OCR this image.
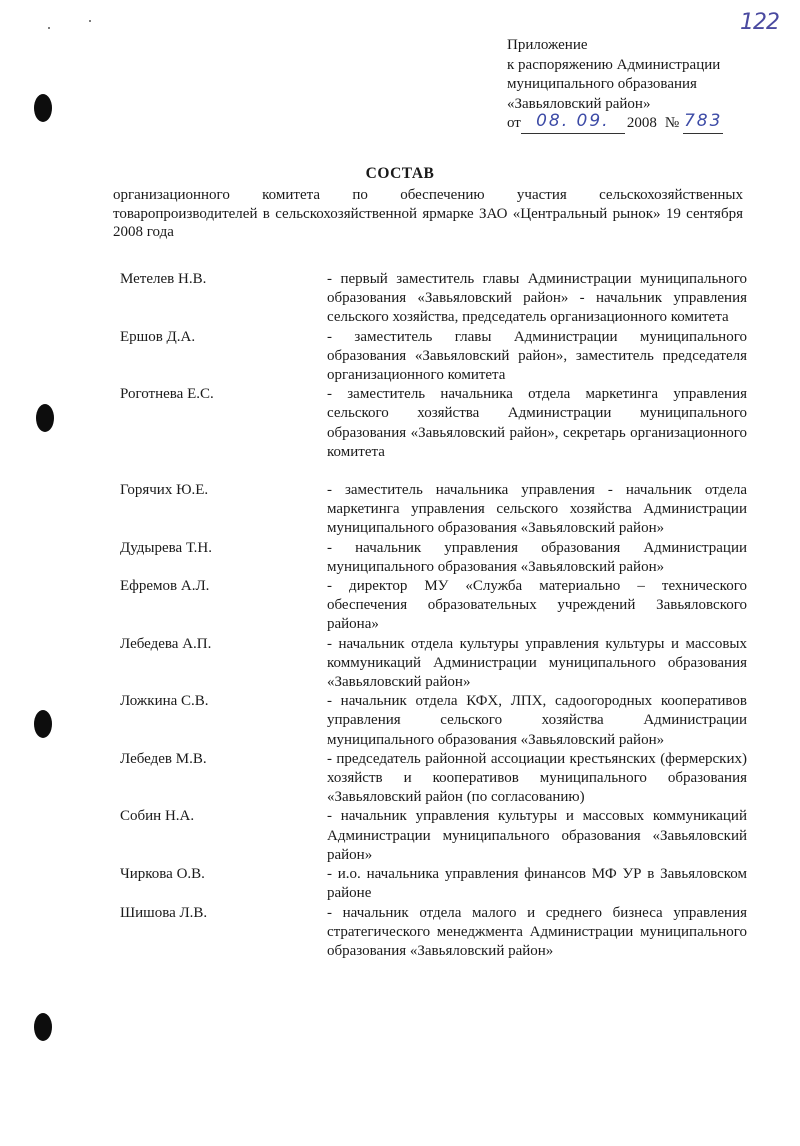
122
Приложение
к распоряжению Администрации
муниципального образования
«Завьяловский район»
от 08. 09.	2008 № 783
СОСТАВ
организационного комитета по обеспечению участия сельскохозяйственных товаропроизводителей в сельскохозяйственной ярмарке ЗАО «Центральный рынок» 19 сентября 2008 года
Метелев Н.В.	- первый заместитель главы Администрации муниципального образования «Завьяловский район» - начальник управления сельского хозяйства, председатель организационного комитета
Ершов Д.А.	- заместитель главы Администрации муниципального образования «Завьяловский район», заместитель председателя организационного комитета
Роготнева Е.С.	- заместитель начальника отдела маркетинга управления сельского хозяйства Администрации муниципального образования «Завьяловский район», секретарь организационного комитета
Горячих Ю.Е.	- заместитель начальника управления - начальник отдела маркетинга управления сельского хозяйства Администрации муниципального образования «Завьяловский район»
Дудырева Т.Н.	- начальник управления образования Администрации муниципального образования «Завьяловский район»
Ефремов А.Л.	- директор МУ «Служба материально – технического обеспечения образовательных учреждений Завьяловского района»
Лебедева А.П.	- начальник отдела культуры управления культуры и массовых коммуникаций Администрации муниципального образования «Завьяловский район»
Ложкина С.В.	- начальник отдела КФХ, ЛПХ, садоогородных кооперативов управления сельского хозяйства Администрации муниципального образования «Завьяловский район»
Лебедев М.В.	- председатель районной ассоциации крестьянских (фермерских) хозяйств и кооперативов муниципального образования «Завьяловский район (по согласованию)
Собин Н.А.	- начальник управления культуры и массовых коммуникаций Администрации муниципального образования «Завьяловский район»
Чиркова О.В.	- и.о. начальника управления финансов МФ УР в Завьяловском районе
Шишова Л.В.	- начальник отдела малого и среднего бизнеса управления стратегического менеджмента Администрации муниципального образования «Завьяловский район»
